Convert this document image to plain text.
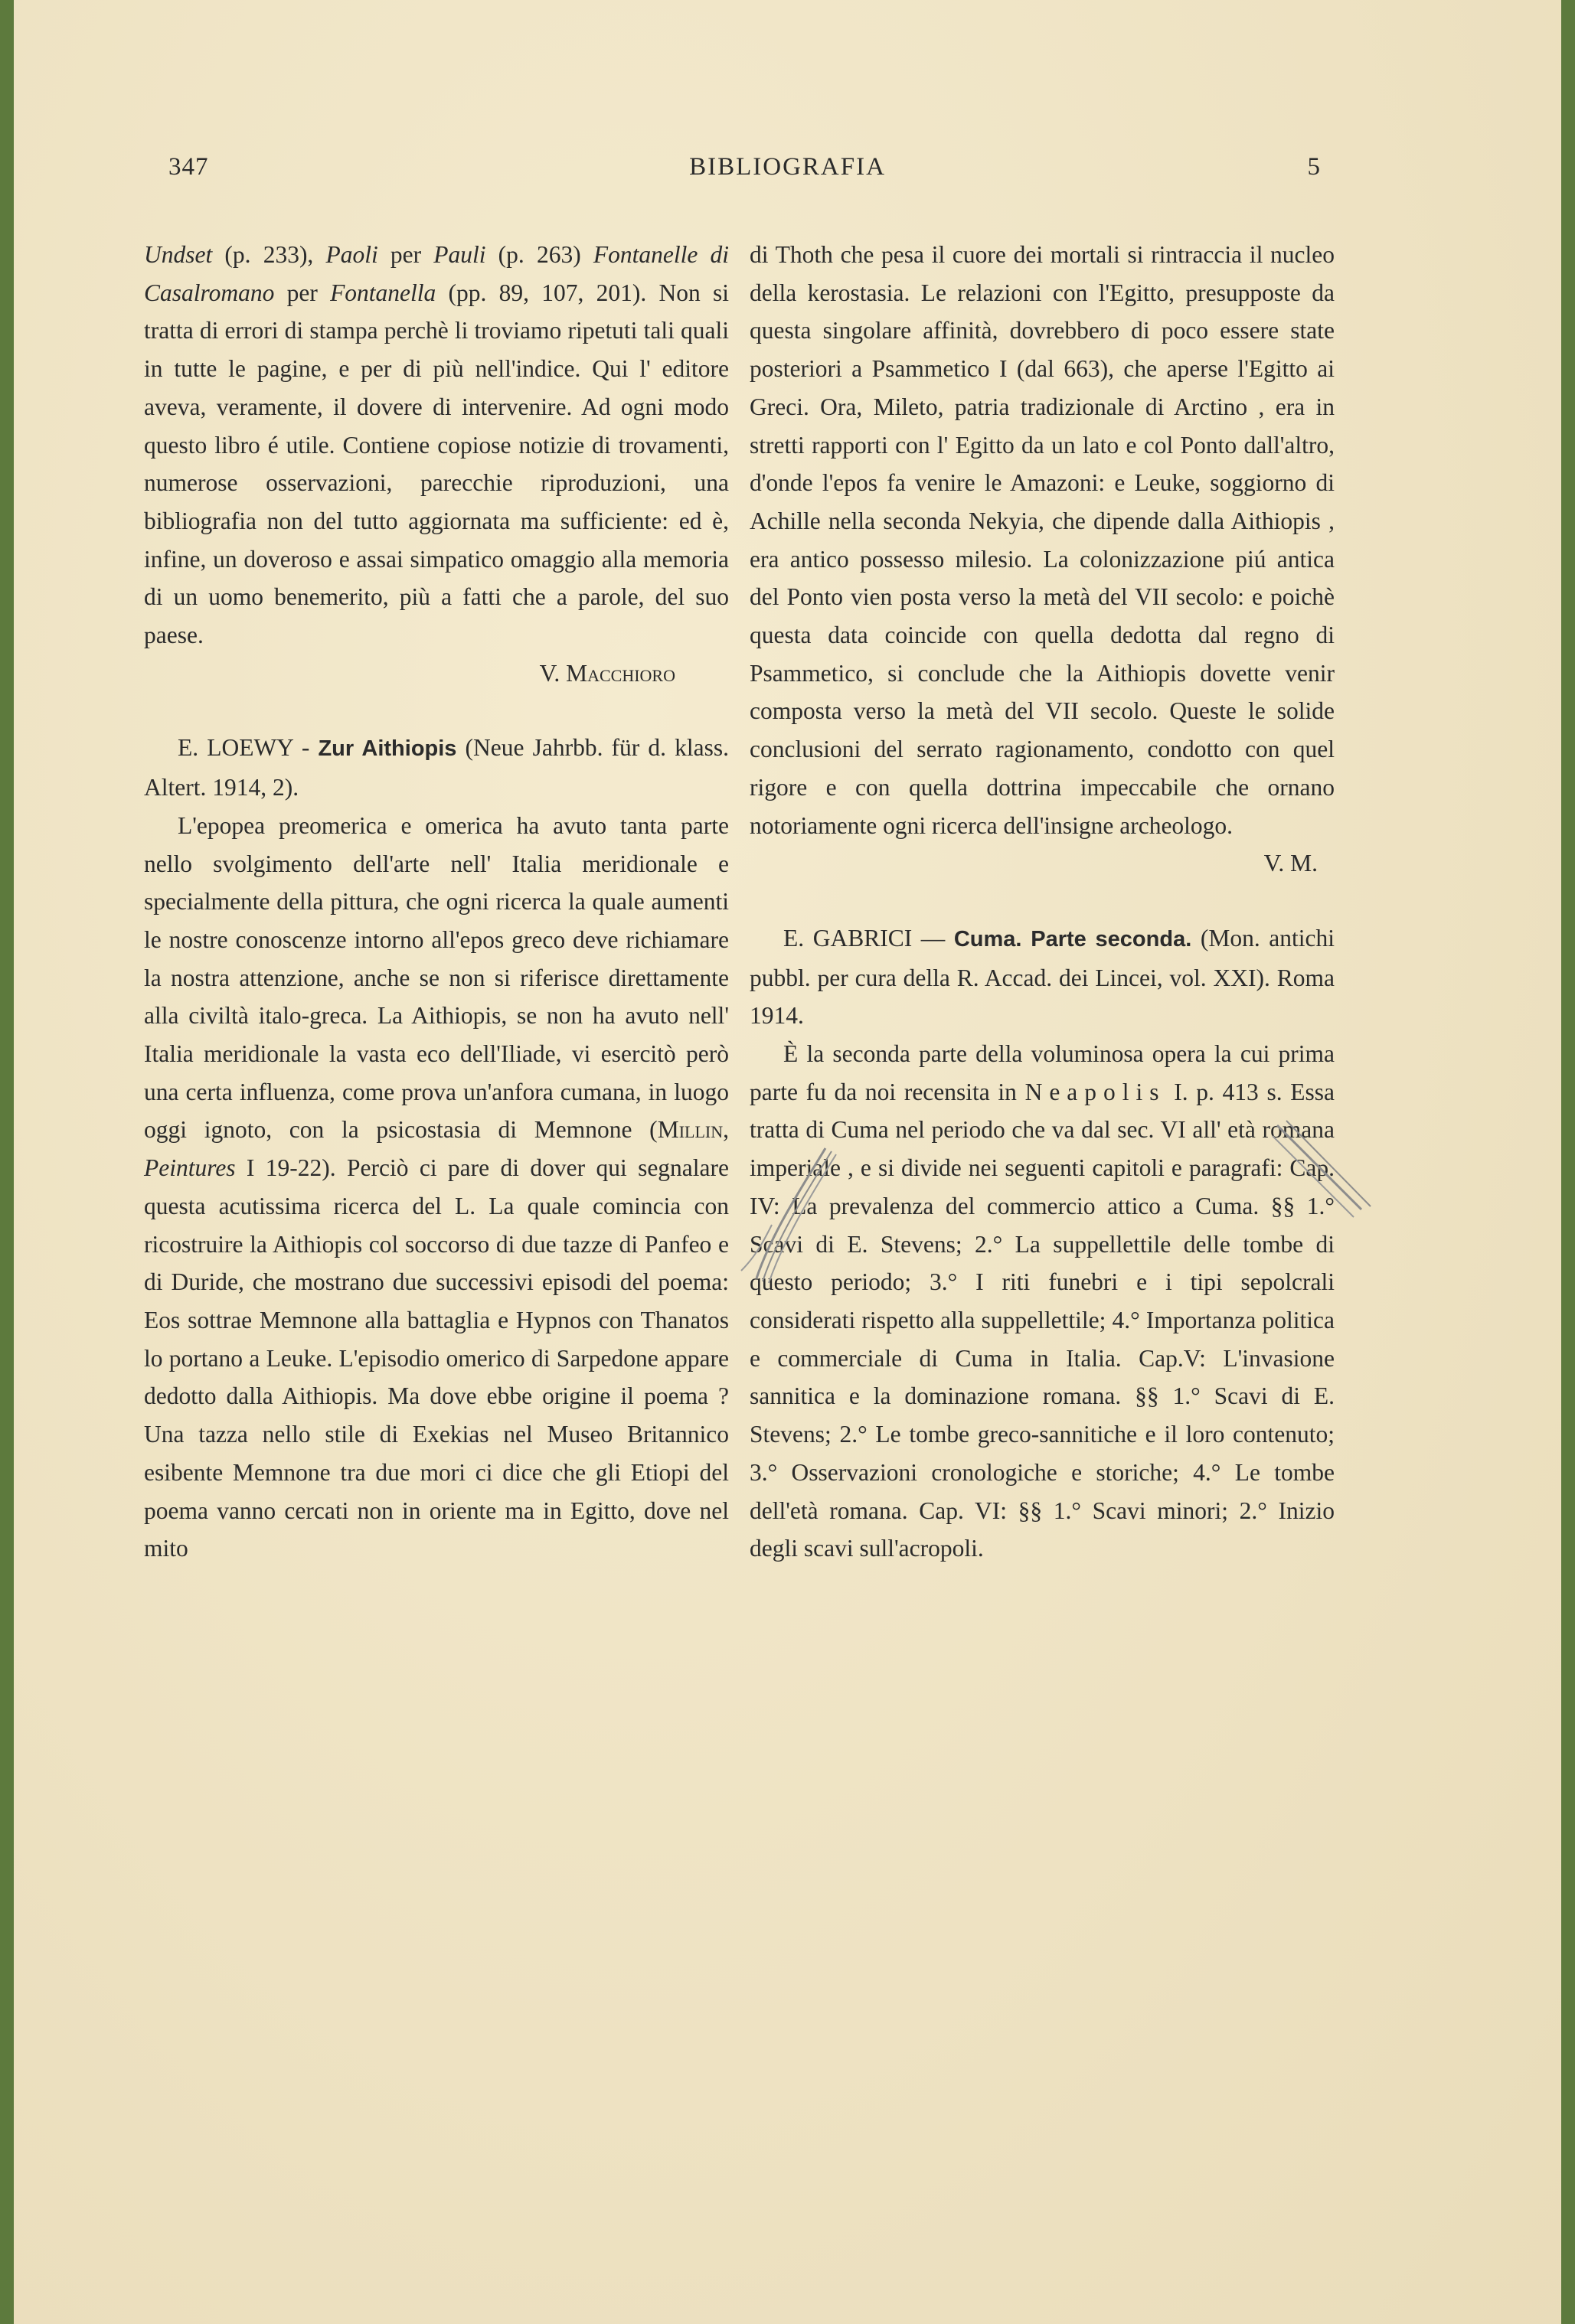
347	BIBLIOGRAFIA	5

Undset (p. 233), Paoli per Pauli (p. 263) Fontanelle di Casalromano per Fontanella (pp. 89, 107, 201). Non si tratta di errori di stampa perchè li troviamo ripetuti tali quali in tutte le pagine, e per di più nell'indice. Qui l' editore aveva, veramente, il dovere di intervenire. Ad ogni modo questo libro é utile. Contiene copiose notizie di trovamenti, numerose osservazioni, parecchie riproduzioni, una bibliografia non del tutto aggiornata ma sufficiente: ed è, infine, un doveroso e assai simpatico omaggio alla memoria di un uomo benemerito, più a fatti che a parole, del suo paese.

V. Macchioro

E. LOEWY - Zur Aithiopis (Neue Jahrbb. für d. klass. Altert. 1914, 2).

L'epopea preomerica e omerica ha avuto tanta parte nello svolgimento dell'arte nell' Italia meridionale e specialmente della pittura, che ogni ricerca la quale aumenti le nostre conoscenze intorno all'epos greco deve richiamare la nostra attenzione, anche se non si riferisce direttamente alla civiltà italo-greca. La Aithiopis, se non ha avuto nell' Italia meridionale la vasta eco dell'Iliade, vi esercitò però una certa influenza, come prova un'anfora cumana, in luogo oggi ignoto, con la psicostasia di Memnone (Millin, Peintures I 19-22). Perciò ci pare di dover qui segnalare questa acutissima ricerca del L. La quale comincia con ricostruire la Aithiopis col soccorso di due tazze di Panfeo e di Duride, che mostrano due successivi episodi del poema: Eos sottrae Memnone alla battaglia e Hypnos con Thanatos lo portano a Leuke. L'episodio omerico di Sarpedone appare dedotto dalla Aithiopis. Ma dove ebbe origine il poema ? Una tazza nello stile di Exekias nel Museo Britannico esibente Memnone tra due mori ci dice che gli Etiopi del poema vanno cercati non in oriente ma in Egitto, dove nel mito

di Thoth che pesa il cuore dei mortali si rintraccia il nucleo della kerostasia. Le relazioni con l'Egitto, presupposte da questa singolare affinità, dovrebbero di poco essere state posteriori a Psammetico I (dal 663), che aperse l'Egitto ai Greci. Ora, Mileto, patria tradizionale di Arctino , era in stretti rapporti con l' Egitto da un lato e col Ponto dall'altro, d'onde l'epos fa venire le Amazoni: e Leuke, soggiorno di Achille nella seconda Nekyia, che dipende dalla Aithiopis , era antico possesso milesio. La colonizzazione piú antica del Ponto vien posta verso la metà del VII secolo: e poichè questa data coincide con quella dedotta dal regno di Psammetico, si conclude che la Aithiopis dovette venir composta verso la metà del VII secolo. Queste le solide conclusioni del serrato ragionamento, condotto con quel rigore e con quella dottrina impeccabile che ornano notoriamente ogni ricerca dell'insigne archeologo.

V. M.

E. GABRICI — Cuma. Parte seconda. (Mon. antichi pubbl. per cura della R. Accad. dei Lincei, vol. XXI). Roma 1914.

È la seconda parte della voluminosa opera la cui prima parte fu da noi recensita in Neapolis I. p. 413 s. Essa tratta di Cuma nel periodo che va dal sec. VI all' età romana imperiale , e si divide nei seguenti capitoli e paragrafi: Cap. IV: La prevalenza del commercio attico a Cuma. §§ 1.° Scavi di E. Stevens; 2.° La suppellettile delle tombe di questo periodo; 3.° I riti funebri e i tipi sepolcrali considerati rispetto alla suppellettile; 4.° Importanza politica e commerciale di Cuma in Italia. Cap.V: L'invasione sannitica e la dominazione romana. §§ 1.° Scavi di E. Stevens; 2.° Le tombe greco-sannitiche e il loro contenuto; 3.° Osservazioni cronologiche e storiche; 4.° Le tombe dell'età romana. Cap. VI: §§ 1.° Scavi minori; 2.° Inizio degli scavi sull'acropoli.
